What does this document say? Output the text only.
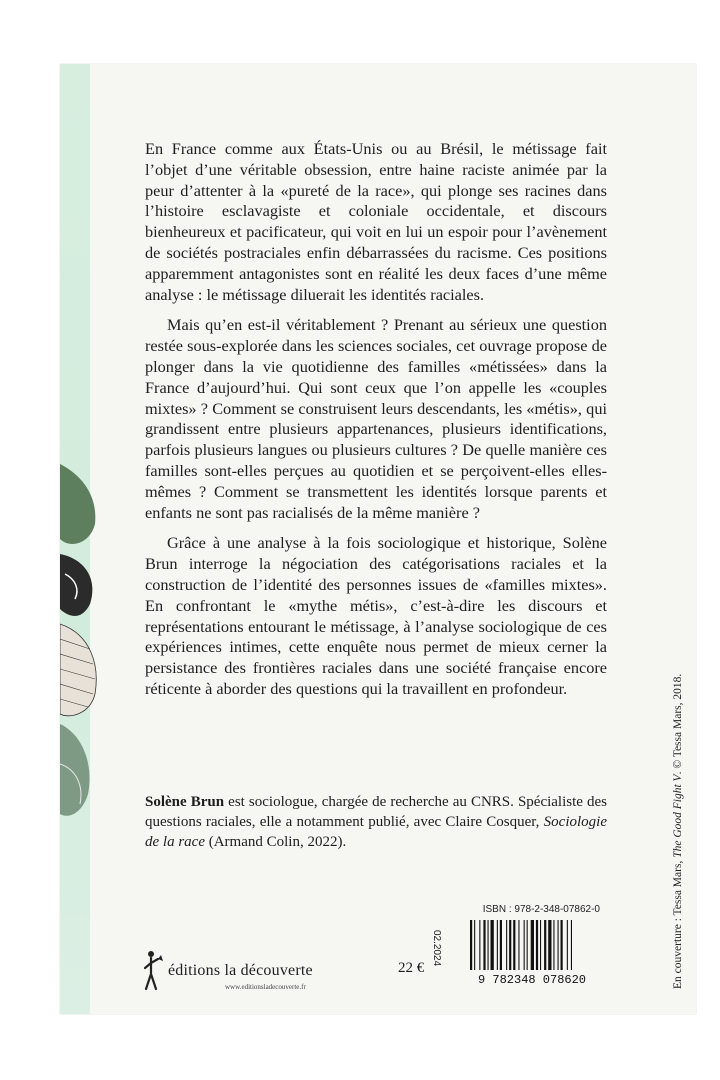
En France comme aux États-Unis ou au Brésil, le métissage fait l’objet d’une véritable obsession, entre haine raciste animée par la peur d’attenter à la «pureté de la race», qui plonge ses racines dans l’histoire esclavagiste et coloniale occidentale, et discours bienheureux et pacificateur, qui voit en lui un espoir pour l’avènement de sociétés postraciales enfin débarrassées du racisme. Ces positions apparemment antagonistes sont en réalité les deux faces d’une même analyse : le métissage diluerait les identités raciales.

Mais qu’en est-il véritablement ? Prenant au sérieux une question restée sous-explorée dans les sciences sociales, cet ouvrage propose de plonger dans la vie quotidienne des familles «métissées» dans la France d’aujourd’hui. Qui sont ceux que l’on appelle les «couples mixtes» ? Comment se construisent leurs descendants, les «métis», qui grandissent entre plusieurs appartenances, plusieurs identifications, parfois plusieurs langues ou plusieurs cultures ? De quelle manière ces familles sont-elles perçues au quotidien et se perçoivent-elles elles-mêmes ? Comment se transmettent les identités lorsque parents et enfants ne sont pas racialisés de la même manière ?

Grâce à une analyse à la fois sociologique et historique, Solène Brun interroge la négociation des catégorisations raciales et la construction de l’identité des personnes issues de «familles mixtes». En confrontant le «mythe métis», c’est-à-dire les discours et représentations entourant le métissage, à l’analyse sociologique de ces expériences intimes, cette enquête nous permet de mieux cerner la persistance des frontières raciales dans une société française encore réticente à aborder des questions qui la travaillent en profondeur.

Solène Brun est sociologue, chargée de recherche au CNRS. Spécialiste des questions raciales, elle a notamment publié, avec Claire Cosquer, Sociologie de la race (Armand Colin, 2022).
éditions la découverte
www.editionsladecouverte.fr
22 €
02.2024
ISBN : 978-2-348-07862-0
9 782348 078620	En couverture : Tessa Mars, The Good Fight V. © Tessa Mars, 2018.
